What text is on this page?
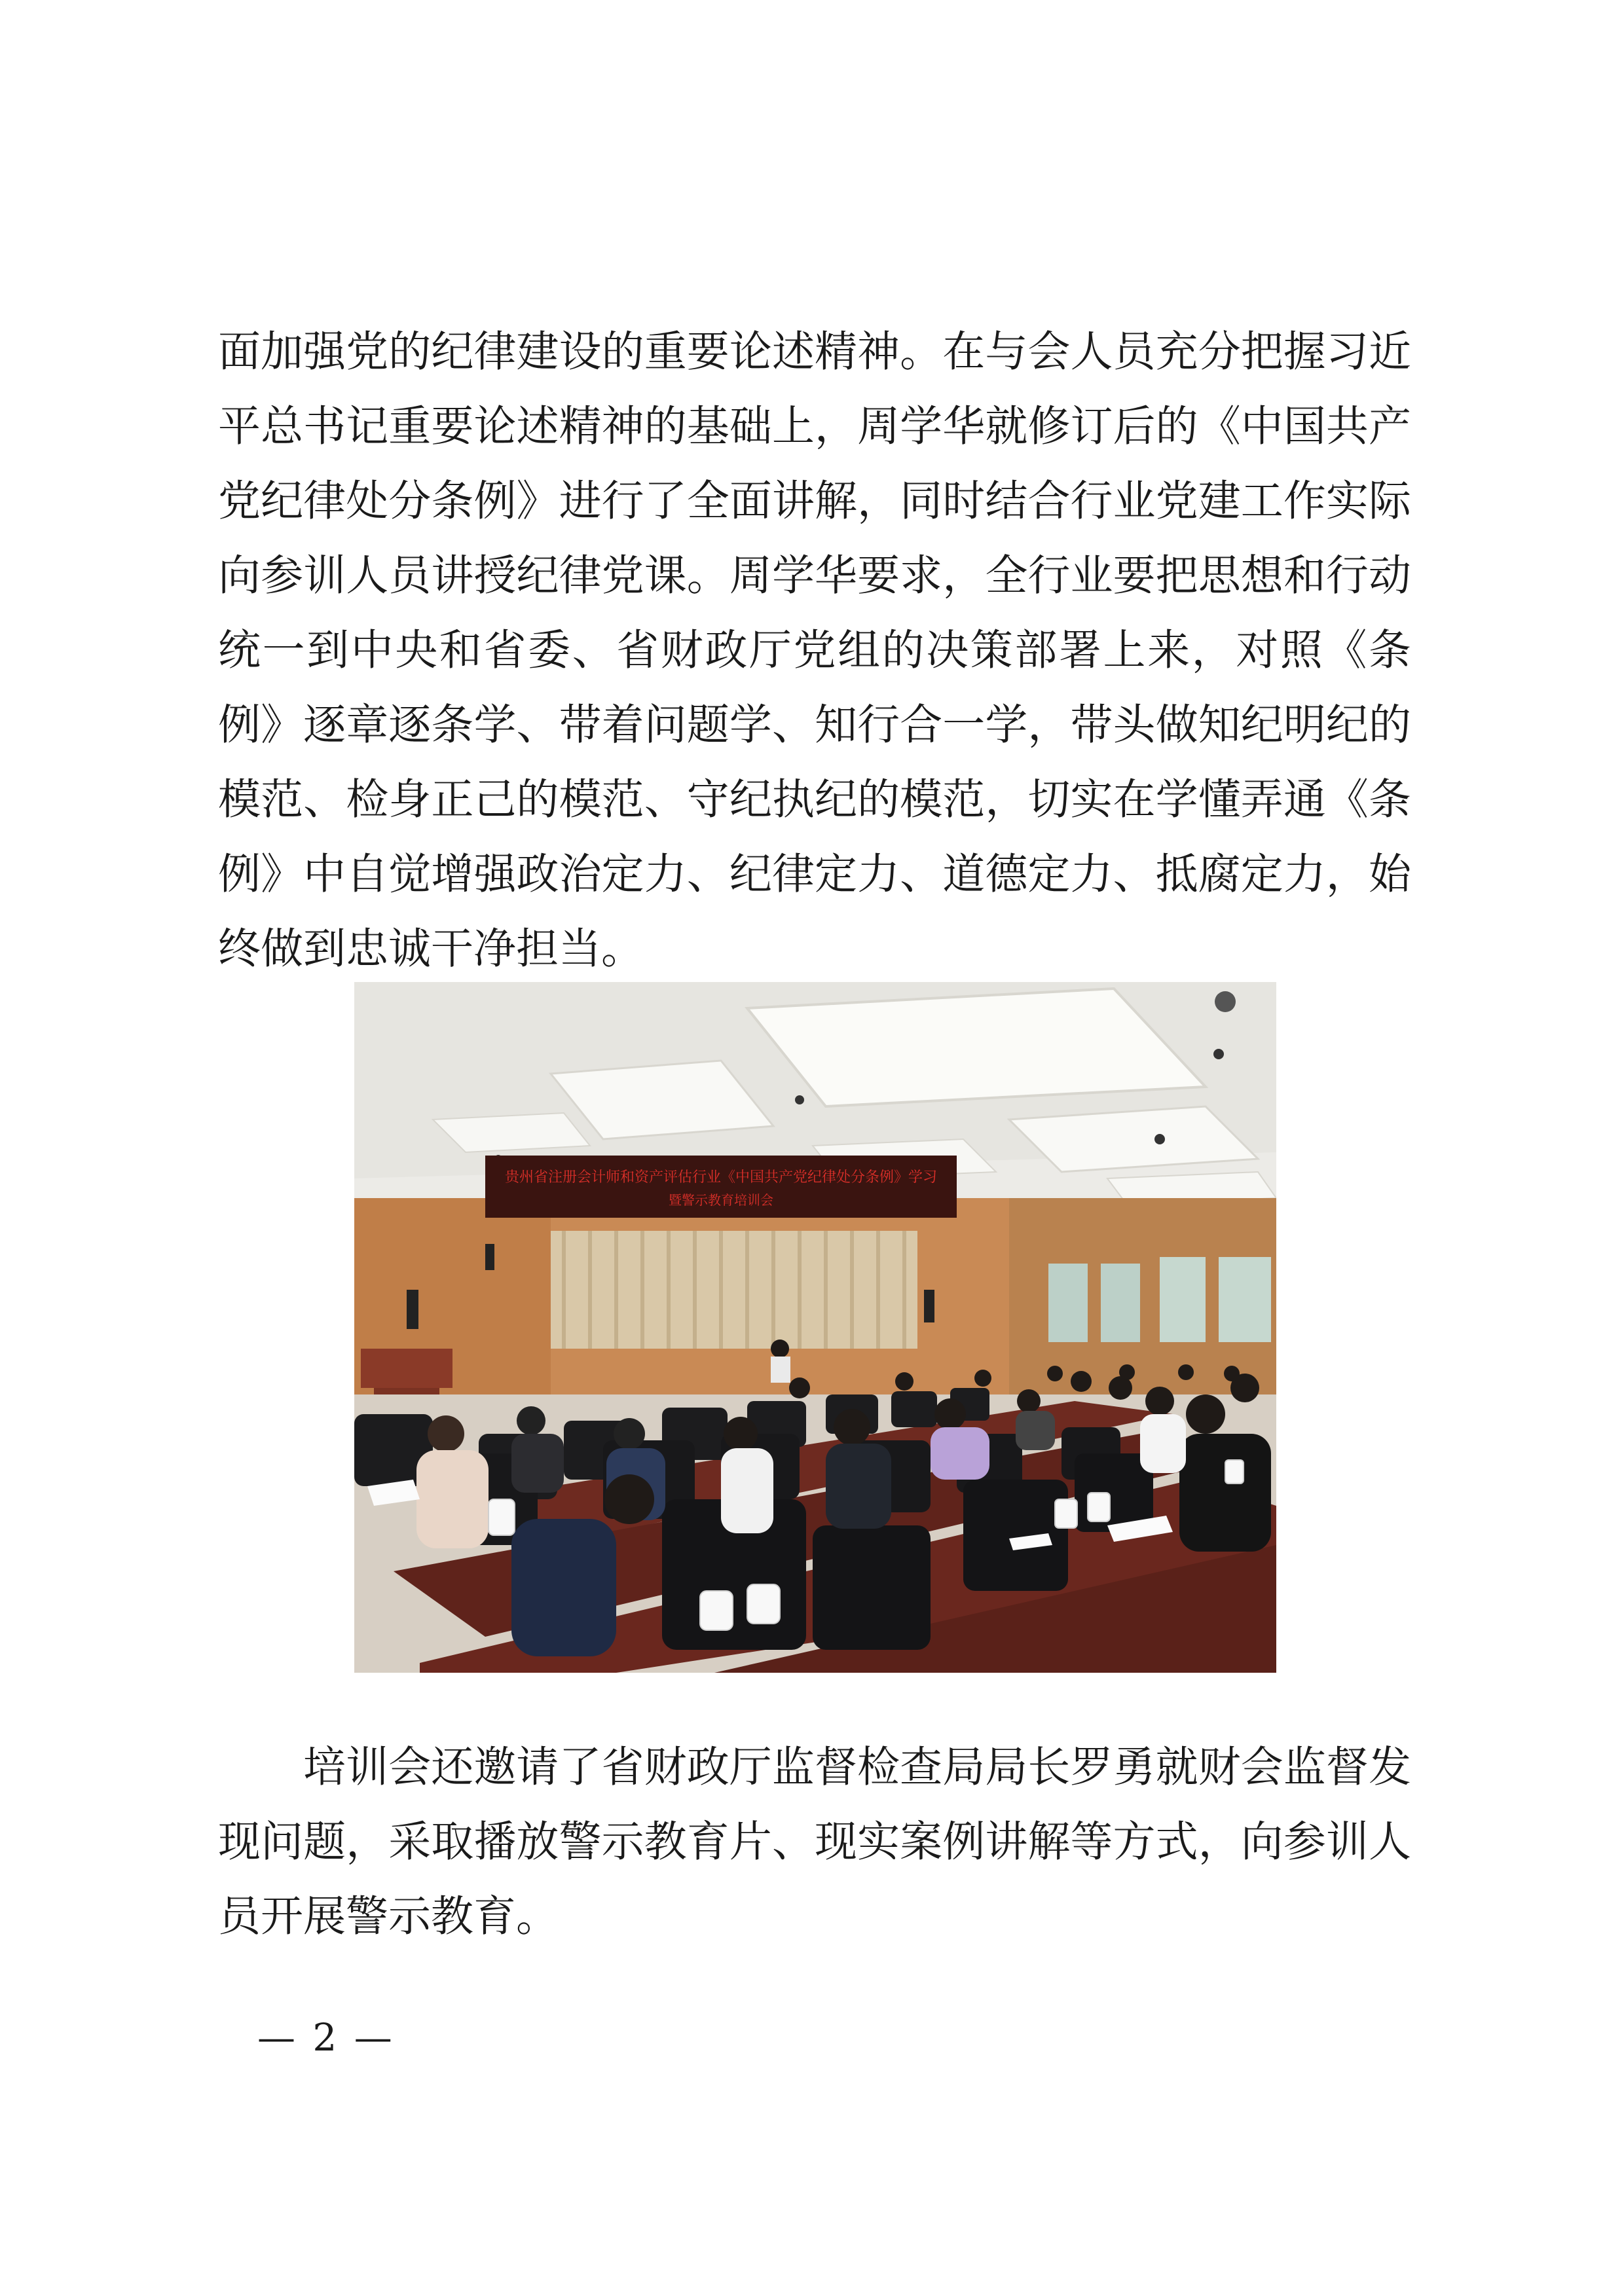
面加强党的纪律建设的重要论述精神。在与会人员充分把握习近平总书记重要论述精神的基础上，周学华就修订后的《中国共产党纪律处分条例》进行了全面讲解，同时结合行业党建工作实际向参训人员讲授纪律党课。周学华要求，全行业要把思想和行动统一到中央和省委、省财政厅党组的决策部署上来，对照《条例》逐章逐条学、带着问题学、知行合一学，带头做知纪明纪的模范、检身正己的模范、守纪执纪的模范，切实在学懂弄通《条例》中自觉增强政治定力、纪律定力、道德定力、抵腐定力，始终做到忠诚干净担当。

贵州省注册会计师和资产评估行业《中国共产党纪律处分条例》学习
暨警示教育培训会

培训会还邀请了省财政厅监督检查局局长罗勇就财会监督发现问题，采取播放警示教育片、现实案例讲解等方式，向参训人员开展警示教育。

— 2 —
